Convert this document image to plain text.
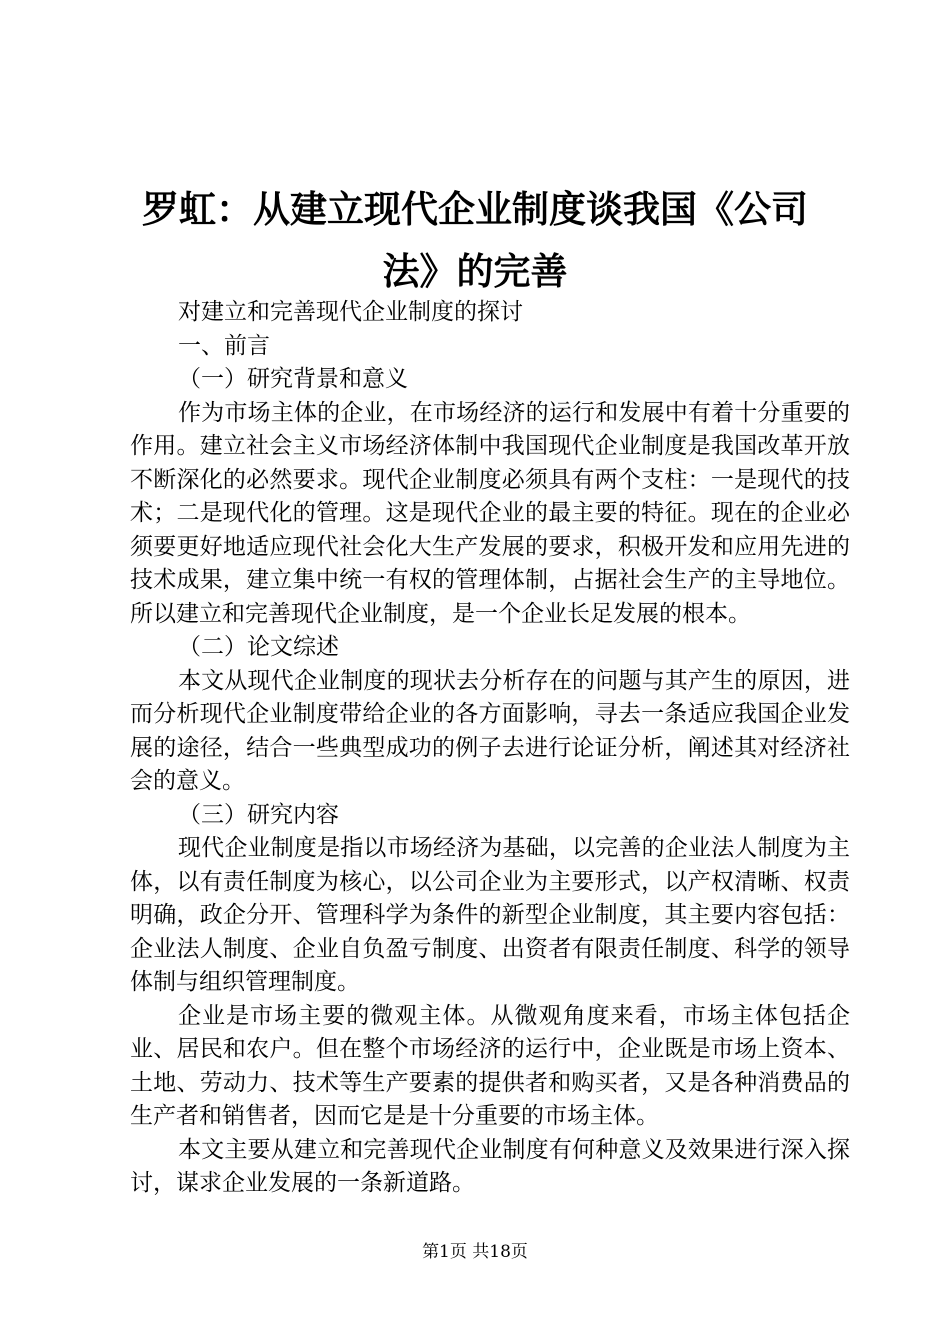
罗虹：从建立现代企业制度谈我国《公司法》的完善

对建立和完善现代企业制度的探讨

一、前言

（一）研究背景和意义

作为市场主体的企业，在市场经济的运行和发展中有着十分重要的作用。建立社会主义市场经济体制中我国现代企业制度是我国改革开放不断深化的必然要求。现代企业制度必须具有两个支柱：一是现代的技术；二是现代化的管理。这是现代企业的最主要的特征。现在的企业必须要更好地适应现代社会化大生产发展的要求，积极开发和应用先进的技术成果，建立集中统一有权的管理体制，占据社会生产的主导地位。所以建立和完善现代企业制度，是一个企业长足发展的根本。

（二）论文综述

本文从现代企业制度的现状去分析存在的问题与其产生的原因，进而分析现代企业制度带给企业的各方面影响，寻去一条适应我国企业发展的途径，结合一些典型成功的例子去进行论证分析，阐述其对经济社会的意义。

（三）研究内容

现代企业制度是指以市场经济为基础，以完善的企业法人制度为主体，以有责任制度为核心，以公司企业为主要形式，以产权清晰、权责明确，政企分开、管理科学为条件的新型企业制度，其主要内容包括：企业法人制度、企业自负盈亏制度、出资者有限责任制度、科学的领导体制与组织管理制度。

企业是市场主要的微观主体。从微观角度来看，市场主体包括企业、居民和农户。但在整个市场经济的运行中，企业既是市场上资本、土地、劳动力、技术等生产要素的提供者和购买者，又是各种消费品的生产者和销售者，因而它是是十分重要的市场主体。

本文主要从建立和完善现代企业制度有何种意义及效果进行深入探讨，谋求企业发展的一条新道路。

第1页 共18页
